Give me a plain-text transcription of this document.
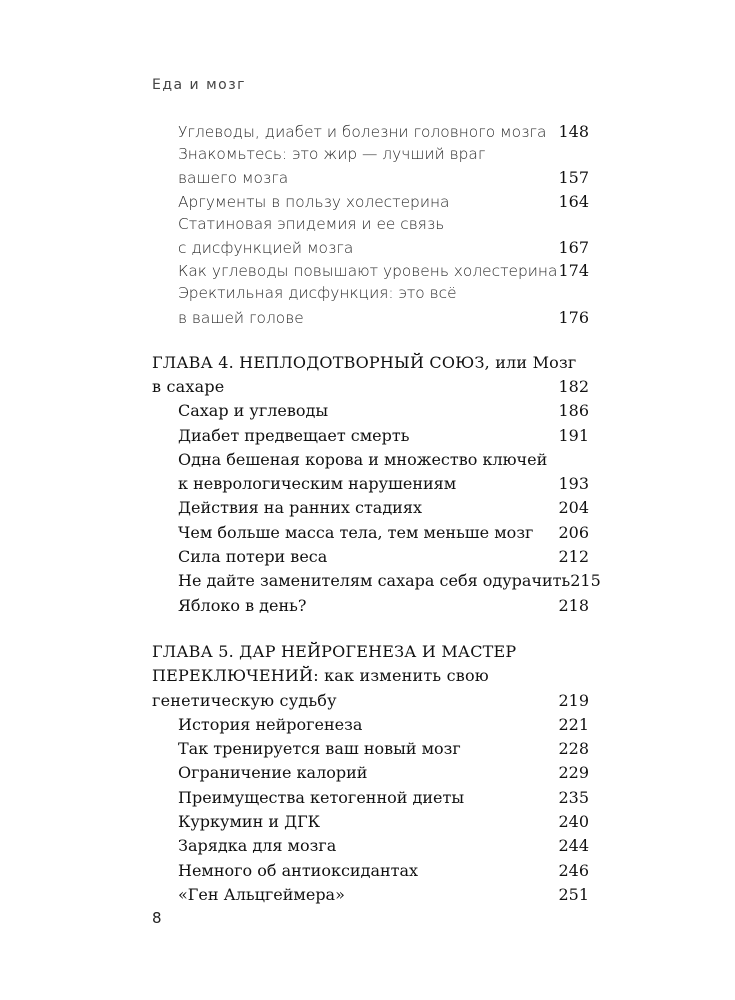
Еда и мозг
Углеводы, диабет и болезни головного мозга 148
Знакомьтесь: это жир — лучший враг
вашего мозга	157
Аргументы в пользу холестерина	164
Статиновая эпидемия и ее связь
с дисфункцией мозга	167
Как углеводы повышают уровень холестерина 174
Эректильная дисфункция: это всё
в вашей голове	176
ГЛАВА 4. НЕПЛОДОТВОРНЫЙ СОЮЗ, или Мозг
в сахаре	182
Сахар и углеводы	186
Диабет предвещает смерть	191
Одна бешеная корова и множество ключей
к неврологическим нарушениям	193
Действия на ранних стадиях	204
Чем больше масса тела, тем меньше мозг 206
Сила потери веса	212
Не дайте заменителям сахара себя одурачить 215
Яблоко в день?	218
ГЛАВА 5. ДАР НЕЙРОГЕНЕЗА И МАСТЕР
ПЕРЕКЛЮЧЕНИЙ: как изменить свою
генетическую судьбу	219
История нейрогенеза	221
Так тренируется ваш новый мозг	228
Ограничение калорий	229
Преимущества кетогенной диеты	235
Куркумин и ДГК	240
Зарядка для мозга	244
Немного об антиоксидантах	246
«Ген Альцгеймера»	251
8
